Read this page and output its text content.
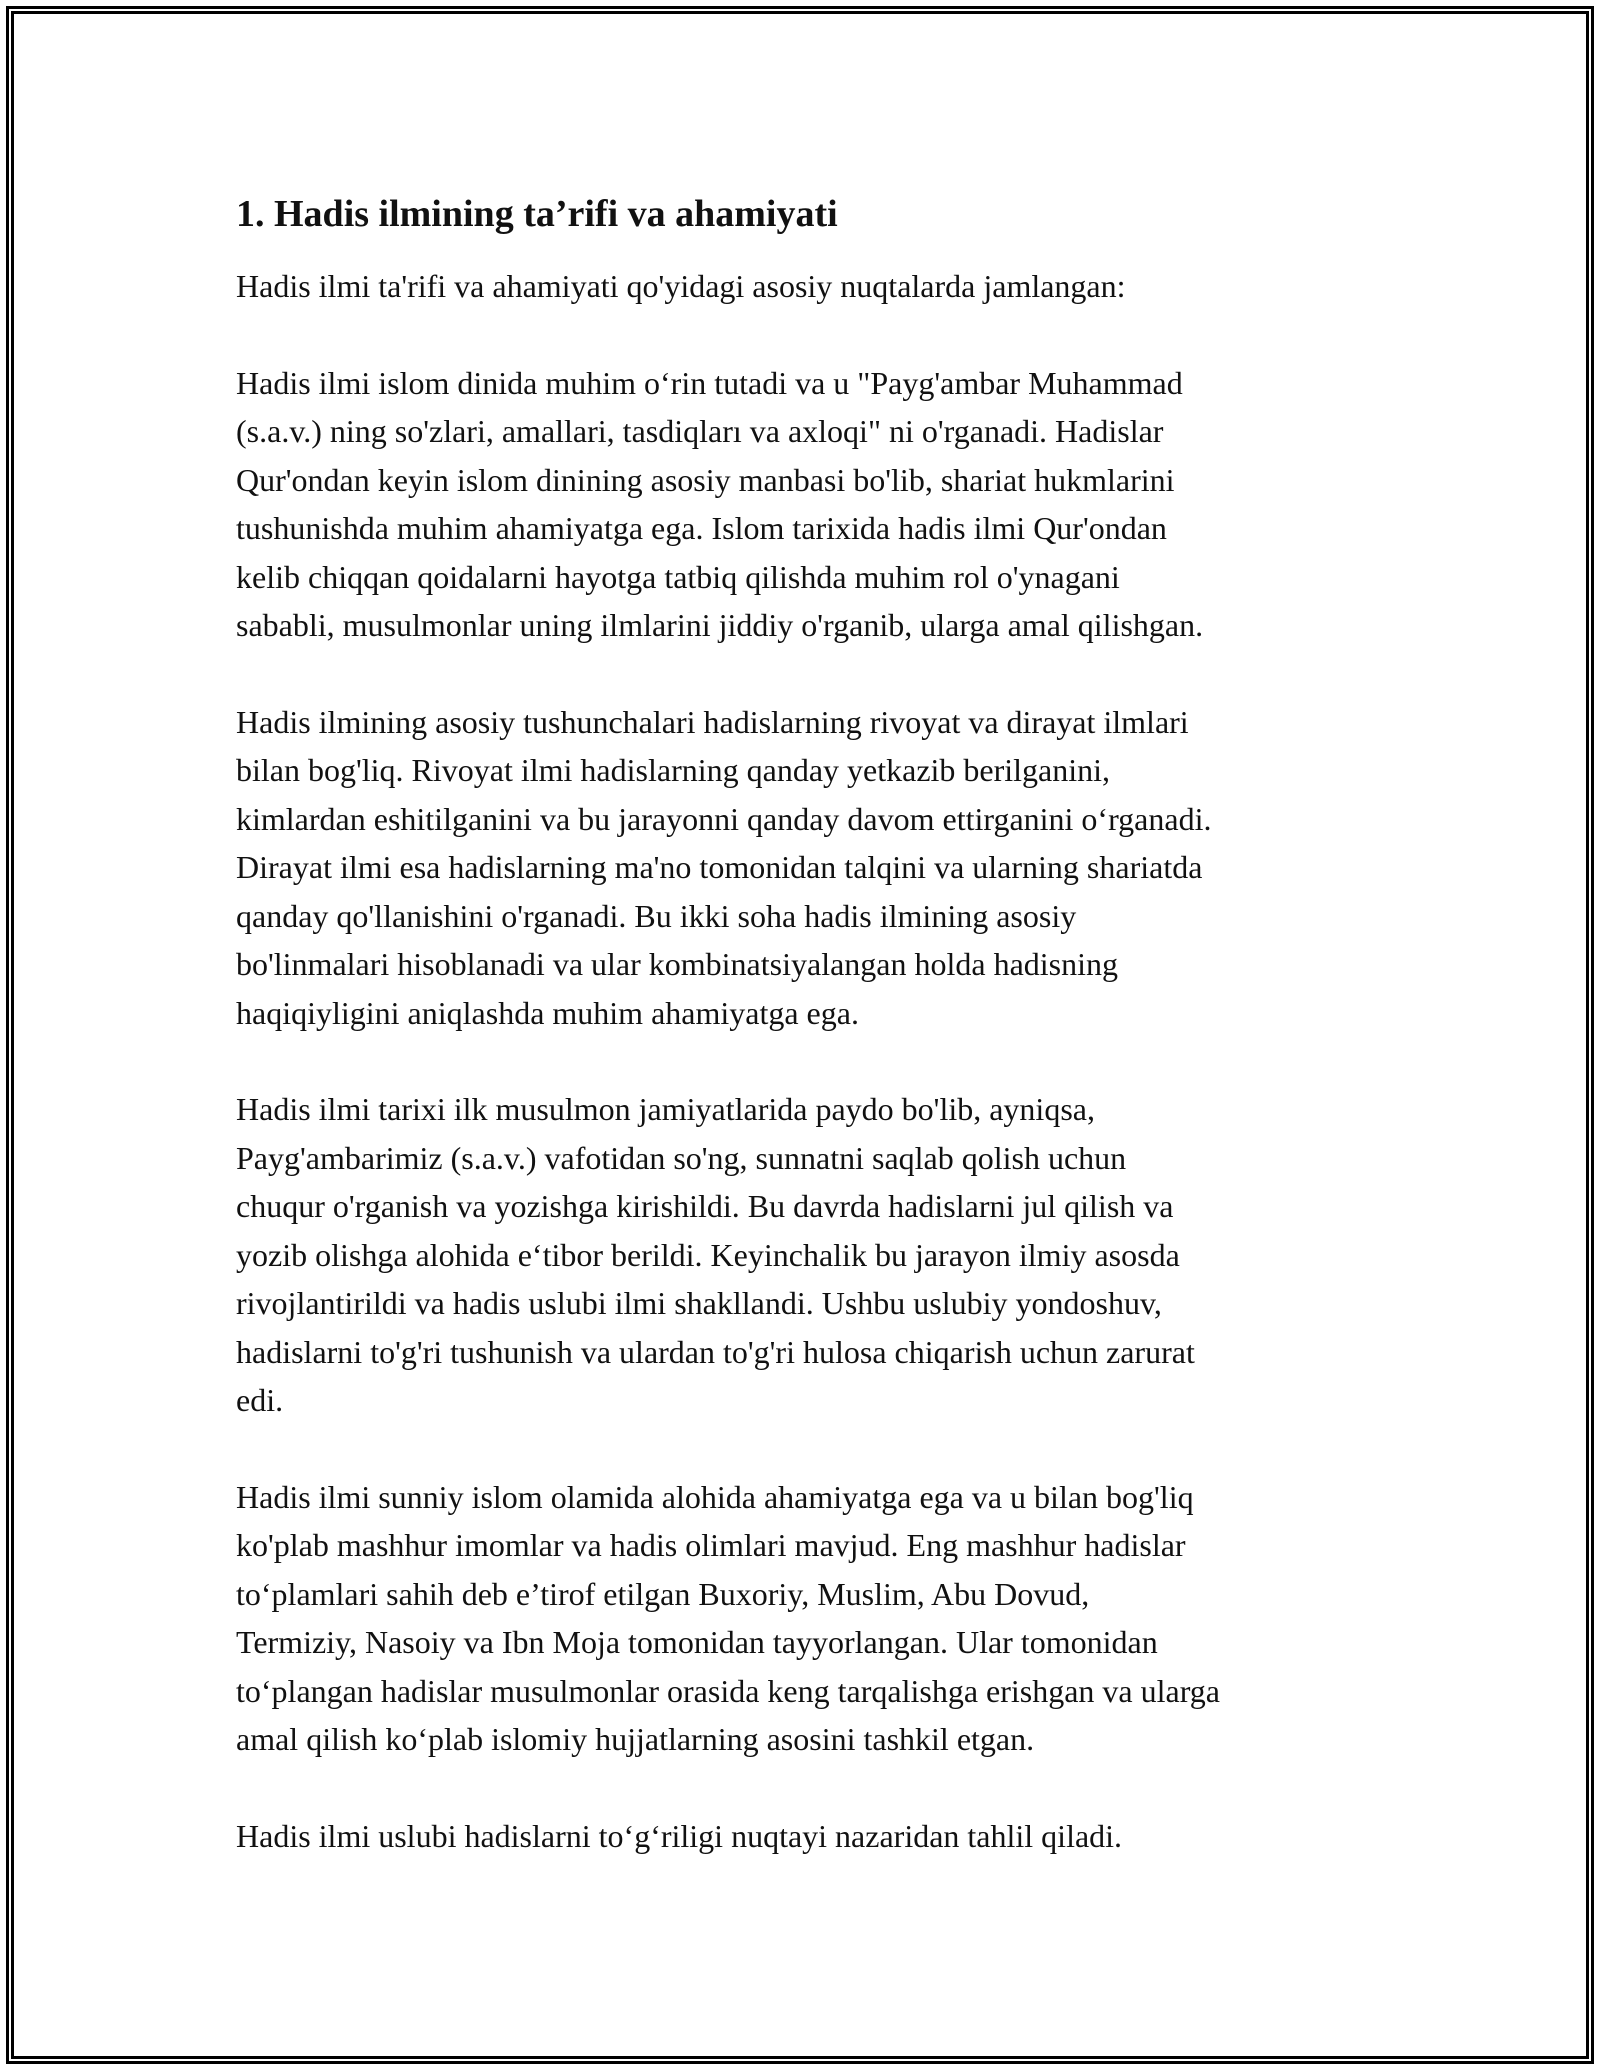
1. Hadis ilmining ta’rifi va ahamiyati

Hadis ilmi ta'rifi va ahamiyati qo'yidagi asosiy nuqtalarda jamlangan:

Hadis ilmi islom dinida muhim o‘rin tutadi va u "Payg'ambar Muhammad
(s.a.v.) ning so'zlari, amallari, tasdiqları va axloqi" ni o'rganadi. Hadislar
Qur'ondan keyin islom dinining asosiy manbasi bo'lib, shariat hukmlarini
tushunishda muhim ahamiyatga ega. Islom tarixida hadis ilmi Qur'ondan
kelib chiqqan qoidalarni hayotga tatbiq qilishda muhim rol o'ynagani
sababli, musulmonlar uning ilmlarini jiddiy o'rganib, ularga amal qilishgan.

Hadis ilmining asosiy tushunchalari hadislarning rivoyat va dirayat ilmlari
bilan bog'liq. Rivoyat ilmi hadislarning qanday yetkazib berilganini,
kimlardan eshitilganini va bu jarayonni qanday davom ettirganini o‘rganadi.
Dirayat ilmi esa hadislarning ma'no tomonidan talqini va ularning shariatda
qanday qo'llanishini o'rganadi. Bu ikki soha hadis ilmining asosiy
bo'linmalari hisoblanadi va ular kombinatsiyalangan holda hadisning
haqiqiyligini aniqlashda muhim ahamiyatga ega.

Hadis ilmi tarixi ilk musulmon jamiyatlarida paydo bo'lib, ayniqsa,
Payg'ambarimiz (s.a.v.) vafotidan so'ng, sunnatni saqlab qolish uchun
chuqur o'rganish va yozishga kirishildi. Bu davrda hadislarni jul qilish va
yozib olishga alohida e‘tibor berildi. Keyinchalik bu jarayon ilmiy asosda
rivojlantirildi va hadis uslubi ilmi shakllandi. Ushbu uslubiy yondoshuv,
hadislarni to'g'ri tushunish va ulardan to'g'ri hulosa chiqarish uchun zarurat
edi.

Hadis ilmi sunniy islom olamida alohida ahamiyatga ega va u bilan bog'liq
ko'plab mashhur imomlar va hadis olimlari mavjud. Eng mashhur hadislar
to‘plamlari sahih deb e’tirof etilgan Buxoriy, Muslim, Abu Dovud,
Termiziy, Nasoiy va Ibn Moja tomonidan tayyorlangan. Ular tomonidan
to‘plangan hadislar musulmonlar orasida keng tarqalishga erishgan va ularga
amal qilish ko‘plab islomiy hujjatlarning asosini tashkil etgan.

Hadis ilmi uslubi hadislarni to‘g‘riligi nuqtayi nazaridan tahlil qiladi.
